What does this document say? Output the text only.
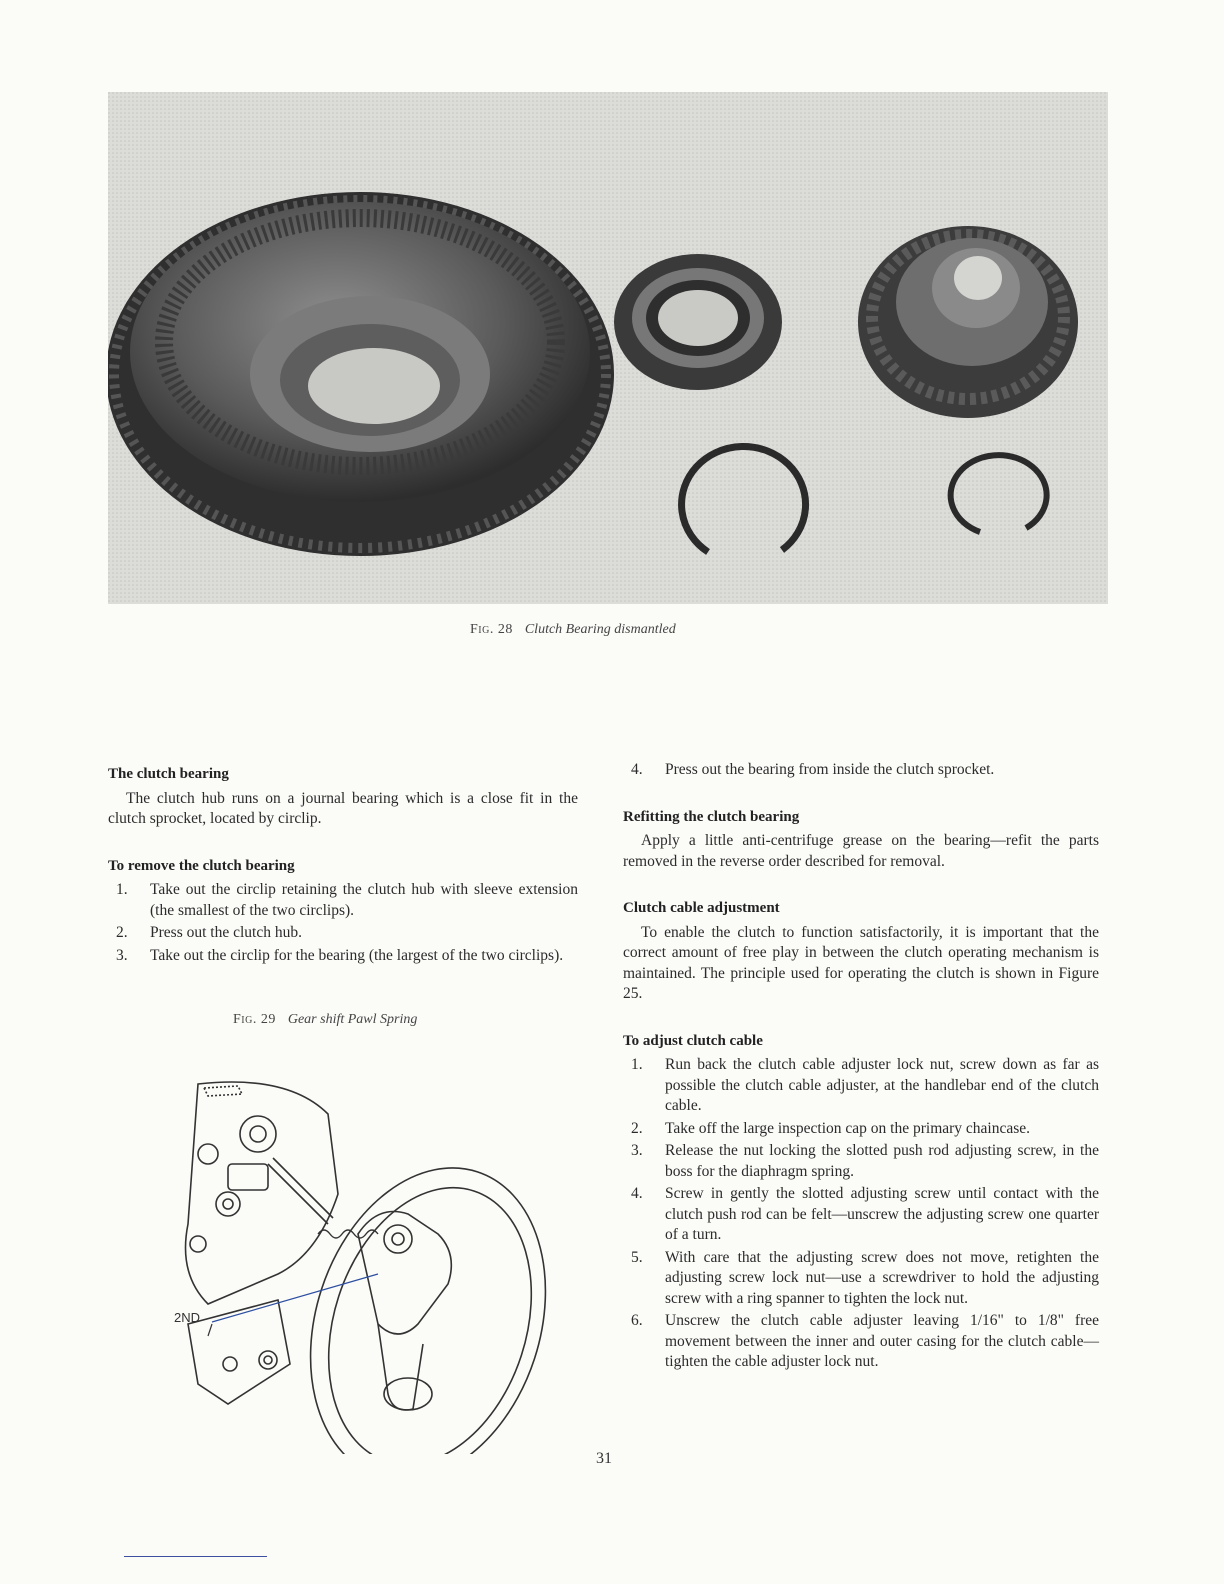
Fig. 28 Clutch Bearing dismantled
The clutch bearing

The clutch hub runs on a journal bearing which is a close fit in the clutch sprocket, located by circlip.

To remove the clutch bearing
1.	Take out the circlip retaining the clutch hub with sleeve extension (the smallest of the two circlips).
2.	Press out the clutch hub.
3.	Take out the circlip for the bearing (the largest of the two circlips).
Fig. 29 Gear shift Pawl Spring
2ND
4.	Press out the bearing from inside the clutch sprocket.
Refitting the clutch bearing

Apply a little anti-centrifuge grease on the bearing—refit the parts removed in the reverse order described for removal.

Clutch cable adjustment

To enable the clutch to function satisfactorily, it is important that the correct amount of free play in between the clutch operating mechanism is maintained. The principle used for operating the clutch is shown in Figure 25.

To adjust clutch cable
1.	Run back the clutch cable adjuster lock nut, screw down as far as possible the clutch cable adjuster, at the handlebar end of the clutch cable.
2.	Take off the large inspection cap on the primary chaincase.
3.	Release the nut locking the slotted push rod adjusting screw, in the boss for the diaphragm spring.
4.	Screw in gently the slotted adjusting screw until contact with the clutch push rod can be felt—unscrew the adjusting screw one quarter of a turn.
5.	With care that the adjusting screw does not move, retighten the adjusting screw lock nut—use a screwdriver to hold the adjusting screw with a ring spanner to tighten the lock nut.
6.	Unscrew the clutch cable adjuster leaving 1/16" to 1/8" free movement between the inner and outer casing for the clutch cable—tighten the cable adjuster lock nut.
31
